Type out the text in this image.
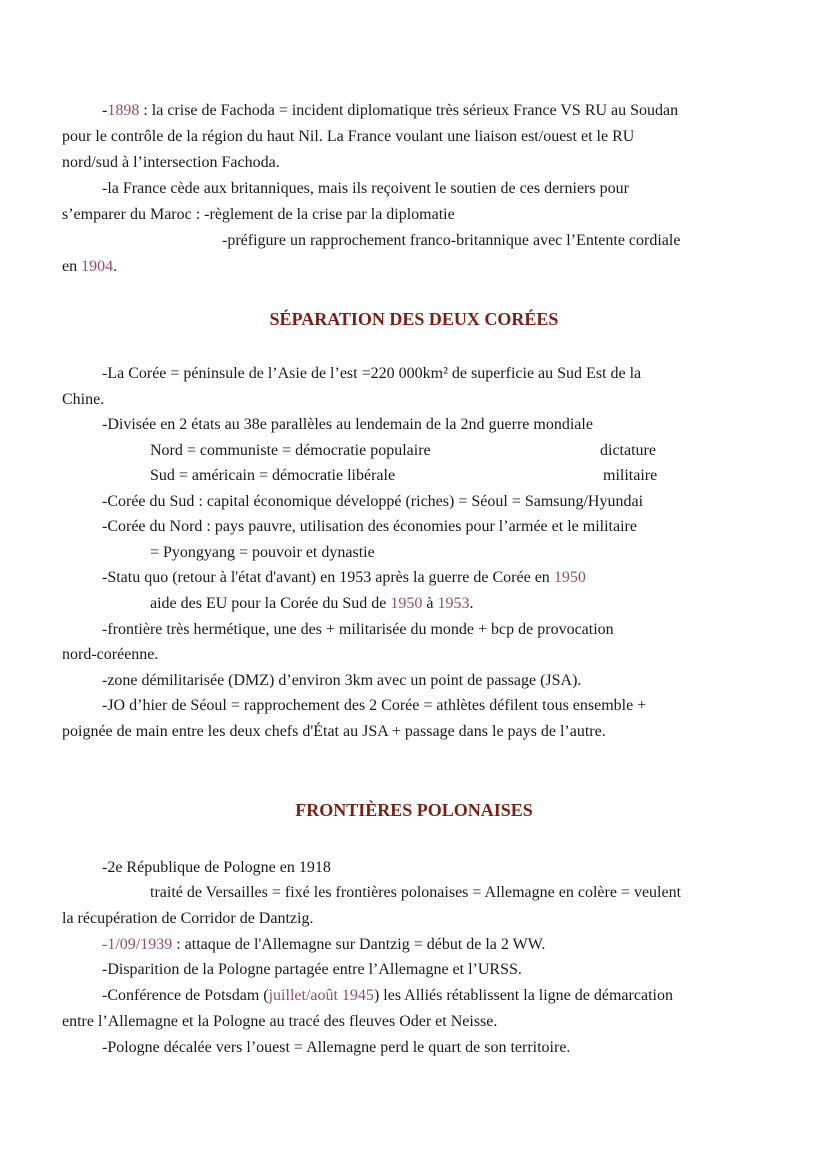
-1898 : la crise de Fachoda = incident diplomatique très sérieux France VS RU au Soudan
pour le contrôle de la région du haut Nil. La France voulant une liaison est/ouest et le RU
nord/sud à l’intersection Fachoda.
-la France cède aux britanniques, mais ils reçoivent le soutien de ces derniers pour
s’emparer du Maroc : -règlement de la crise par la diplomatie
-préfigure un rapprochement franco-britannique avec l’Entente cordiale
en 1904.
SÉPARATION DES DEUX CORÉES
-La Corée = péninsule de l’Asie de l’est =220 000km² de superficie au Sud Est de la
Chine.
-Divisée en 2 états au 38e parallèles au lendemain de la 2nd guerre mondiale
Nord = communiste = démocratie populaire	dictature
Sud = américain = démocratie libérale	militaire
-Corée du Sud : capital économique développé (riches) = Séoul = Samsung/Hyundai
-Corée du Nord : pays pauvre, utilisation des économies pour l’armée et le militaire
= Pyongyang = pouvoir et dynastie
-Statu quo (retour à l'état d'avant) en 1953 après la guerre de Corée en 1950
aide des EU pour la Corée du Sud de 1950 à 1953.
-frontière très hermétique, une des + militarisée du monde + bcp de provocation
nord-coréenne.
-zone démilitarisée (DMZ) d’environ 3km avec un point de passage (JSA).
-JO d’hier de Séoul = rapprochement des 2 Corée = athlètes défilent tous ensemble +
poignée de main entre les deux chefs d'État au JSA + passage dans le pays de l’autre.
FRONTIÈRES POLONAISES
-2e République de Pologne en 1918
traité de Versailles = fixé les frontières polonaises = Allemagne en colère = veulent
la récupération de Corridor de Dantzig.
-1/09/1939 : attaque de l'Allemagne sur Dantzig = début de la 2 WW.
-Disparition de la Pologne partagée entre l’Allemagne et l’URSS.
-Conférence de Potsdam (juillet/août 1945) les Alliés rétablissent la ligne de démarcation
entre l’Allemagne et la Pologne au tracé des fleuves Oder et Neisse.
-Pologne décalée vers l’ouest = Allemagne perd le quart de son territoire.
